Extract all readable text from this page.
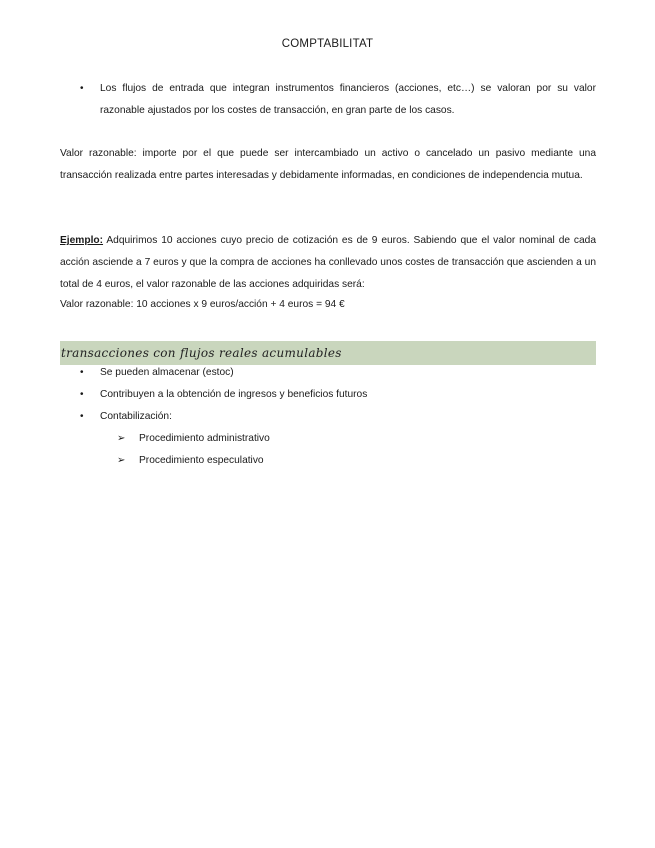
COMPTABILITAT
•	Los flujos de entrada que integran instrumentos financieros (acciones, etc…) se valoran por su valor razonable ajustados por los costes de transacción, en gran parte de los casos.
Valor razonable: importe por el que puede ser intercambiado un activo o cancelado un pasivo mediante una transacción realizada entre partes interesadas y debidamente informadas, en condiciones de independencia mutua.
Ejemplo: Adquirimos 10 acciones cuyo precio de cotización es de 9 euros. Sabiendo que el valor nominal de cada acción asciende a 7 euros y que la compra de acciones ha conllevado unos costes de transacción que ascienden a un total de 4 euros, el valor razonable de las acciones adquiridas será:
Valor razonable: 10 acciones x 9 euros/acción + 4 euros = 94 €
transacciones con flujos reales acumulables
•	Se pueden almacenar (estoc)
•	Contribuyen a la obtención de ingresos y beneficios futuros
•	Contabilización:
➢	Procedimiento administrativo
➢	Procedimiento especulativo
